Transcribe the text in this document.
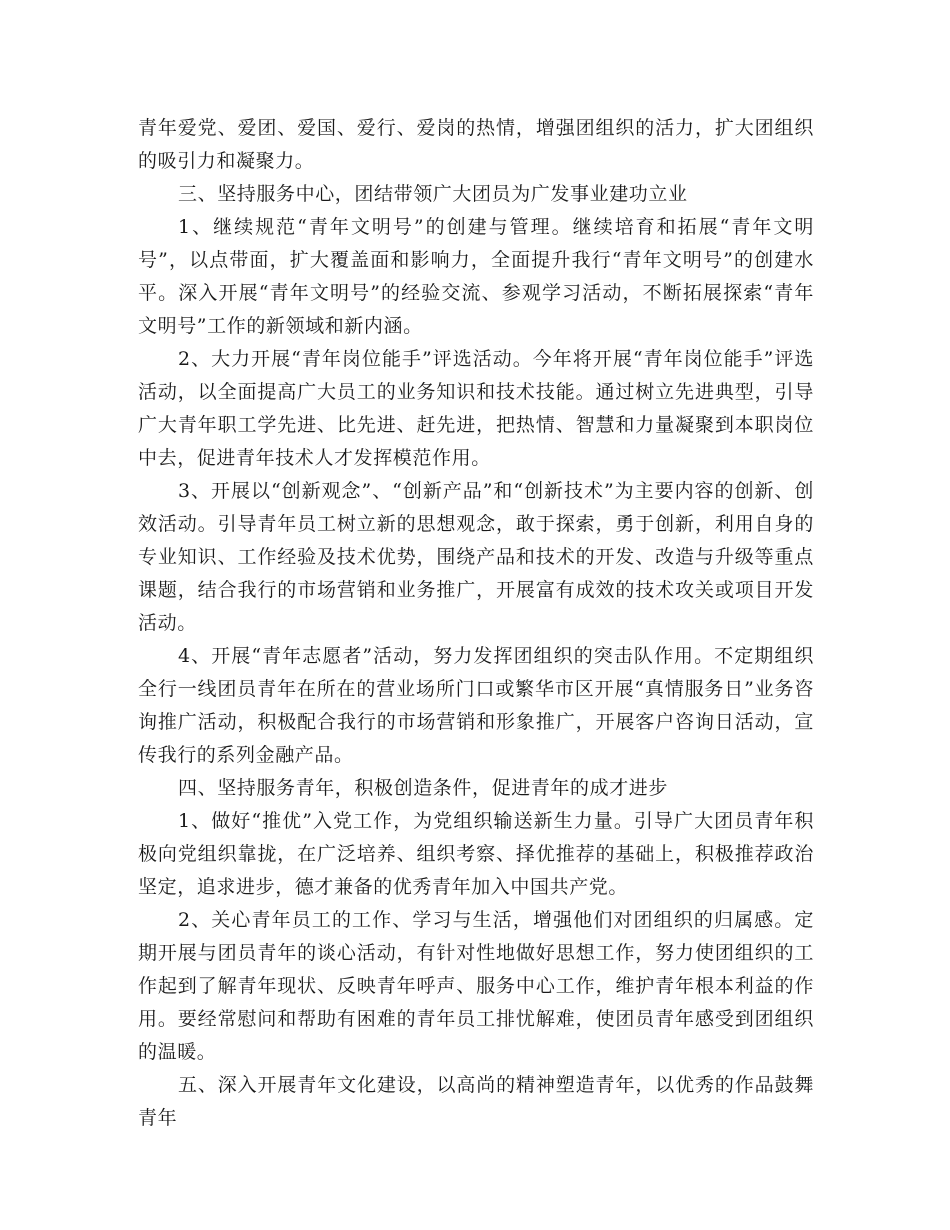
青年爱党、爱团、爱国、爱行、爱岗的热情，增强团组织的活力，扩大团组织的吸引力和凝聚力。

三、坚持服务中心，团结带领广大团员为广发事业建功立业

1、继续规范“青年文明号”的创建与管理。继续培育和拓展“青年文明号”，以点带面，扩大覆盖面和影响力，全面提升我行“青年文明号”的创建水平。深入开展“青年文明号”的经验交流、参观学习活动，不断拓展探索“青年文明号”工作的新领域和新内涵。

2、大力开展“青年岗位能手”评选活动。今年将开展“青年岗位能手”评选活动，以全面提高广大员工的业务知识和技术技能。通过树立先进典型，引导广大青年职工学先进、比先进、赶先进，把热情、智慧和力量凝聚到本职岗位中去，促进青年技术人才发挥模范作用。

3、开展以“创新观念”、“创新产品”和“创新技术”为主要内容的创新、创效活动。引导青年员工树立新的思想观念，敢于探索，勇于创新，利用自身的专业知识、工作经验及技术优势，围绕产品和技术的开发、改造与升级等重点课题，结合我行的市场营销和业务推广，开展富有成效的技术攻关或项目开发活动。

4、开展“青年志愿者”活动，努力发挥团组织的突击队作用。不定期组织全行一线团员青年在所在的营业场所门口或繁华市区开展“真情服务日”业务咨询推广活动，积极配合我行的市场营销和形象推广，开展客户咨询日活动，宣传我行的系列金融产品。

四、坚持服务青年，积极创造条件，促进青年的成才进步

1、做好“推优”入党工作，为党组织输送新生力量。引导广大团员青年积极向党组织靠拢，在广泛培养、组织考察、择优推荐的基础上，积极推荐政治坚定，追求进步，德才兼备的优秀青年加入中国共产党。

2、关心青年员工的工作、学习与生活，增强他们对团组织的归属感。定期开展与团员青年的谈心活动，有针对性地做好思想工作，努力使团组织的工作起到了解青年现状、反映青年呼声、服务中心工作，维护青年根本利益的作用。要经常慰问和帮助有困难的青年员工排忧解难，使团员青年感受到团组织的温暖。

五、深入开展青年文化建设，以高尚的精神塑造青年，以优秀的作品鼓舞青年
